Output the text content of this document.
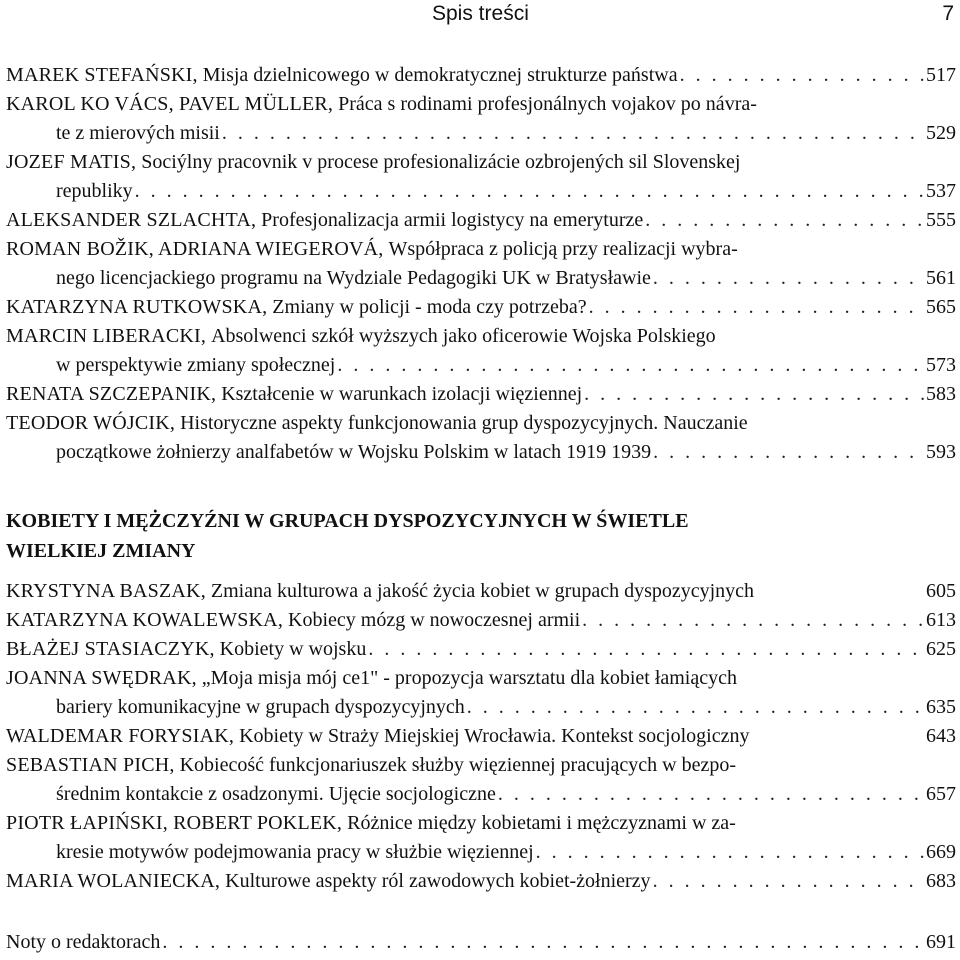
Spis treści	7
MAREK STEFAŃSKI,
Misja dzielnicowego w demokratycznej strukturze państwa . . .	517
KAROL KO VÁCS, PAVEL MÜLLER,
Práca s rodinami profesjonálnych vojakov po návra-
te z mierových misii . . .	529
JOZEF MATIS,
Sociýlny pracovnik v procese profesionalizácie ozbrojených sil Slovenskej
republiky . . .	537
ALEKSANDER SZLACHTA,
Profesjonalizacja armii logistycy na emeryturze . . .	555
ROMAN BOŽIK, ADRIANA WIEGEROVÁ,
Współpraca z policją przy realizacji wybra-
nego licencjackiego programu na Wydziale Pedagogiki UK w Bratysławie . . .	561
KATARZYNA RUTKOWSKA,
Zmiany w policji - moda czy potrzeba? . . .	565
MARCIN LIBERACKI,
Absolwenci szkół wyższych jako oficerowie Wojska Polskiego
w perspektywie zmiany społecznej . . .	573
RENATA SZCZEPANIK,
Kształcenie w warunkach izolacji więziennej . . .	583
TEODOR WÓJCIK,
Historyczne aspekty funkcjonowania grup dyspozycyjnych. Nauczanie
początkowe żołnierzy analfabetów w Wojsku Polskim w latach 1919 1939 . . .	593
KOBIETY I MĘŻCZYŹNI W GRUPACH DYSPOZYCYJNYCH W ŚWIETLE
WIELKIEJ ZMIANY
KRYSTYNA BASZAK,
Zmiana kulturowa a jakość życia kobiet w grupach dyspozycyjnych	605
KATARZYNA KOWALEWSKA,
Kobiecy mózg w nowoczesnej armii . . .	613
BŁAŻEJ STASIACZYK,
Kobiety w wojsku . . .	625
JOANNA SWĘDRAK,
„Moja misja mój ce1" - propozycja warsztatu dla kobiet łamiących
bariery komunikacyjne w grupach dyspozycyjnych . . .	635
WALDEMAR FORYSIAK,
Kobiety w Straży Miejskiej Wrocławia. Kontekst socjologiczny	643
SEBASTIAN PICH,
Kobiecość funkcjonariuszek służby więziennej pracujących w bezpo-
średnim kontakcie z osadzonymi. Ujęcie socjologiczne . . .	657
PIOTR ŁAPIŃSKI, ROBERT POKLEK,
Różnice między kobietami i mężczyznami w za-
kresie motywów podejmowania pracy w służbie więziennej . . .	669
MARIA WOLANIECKA,
Kulturowe aspekty ról zawodowych kobiet-żołnierzy . . .	683
Noty o redaktorach . . .	691
